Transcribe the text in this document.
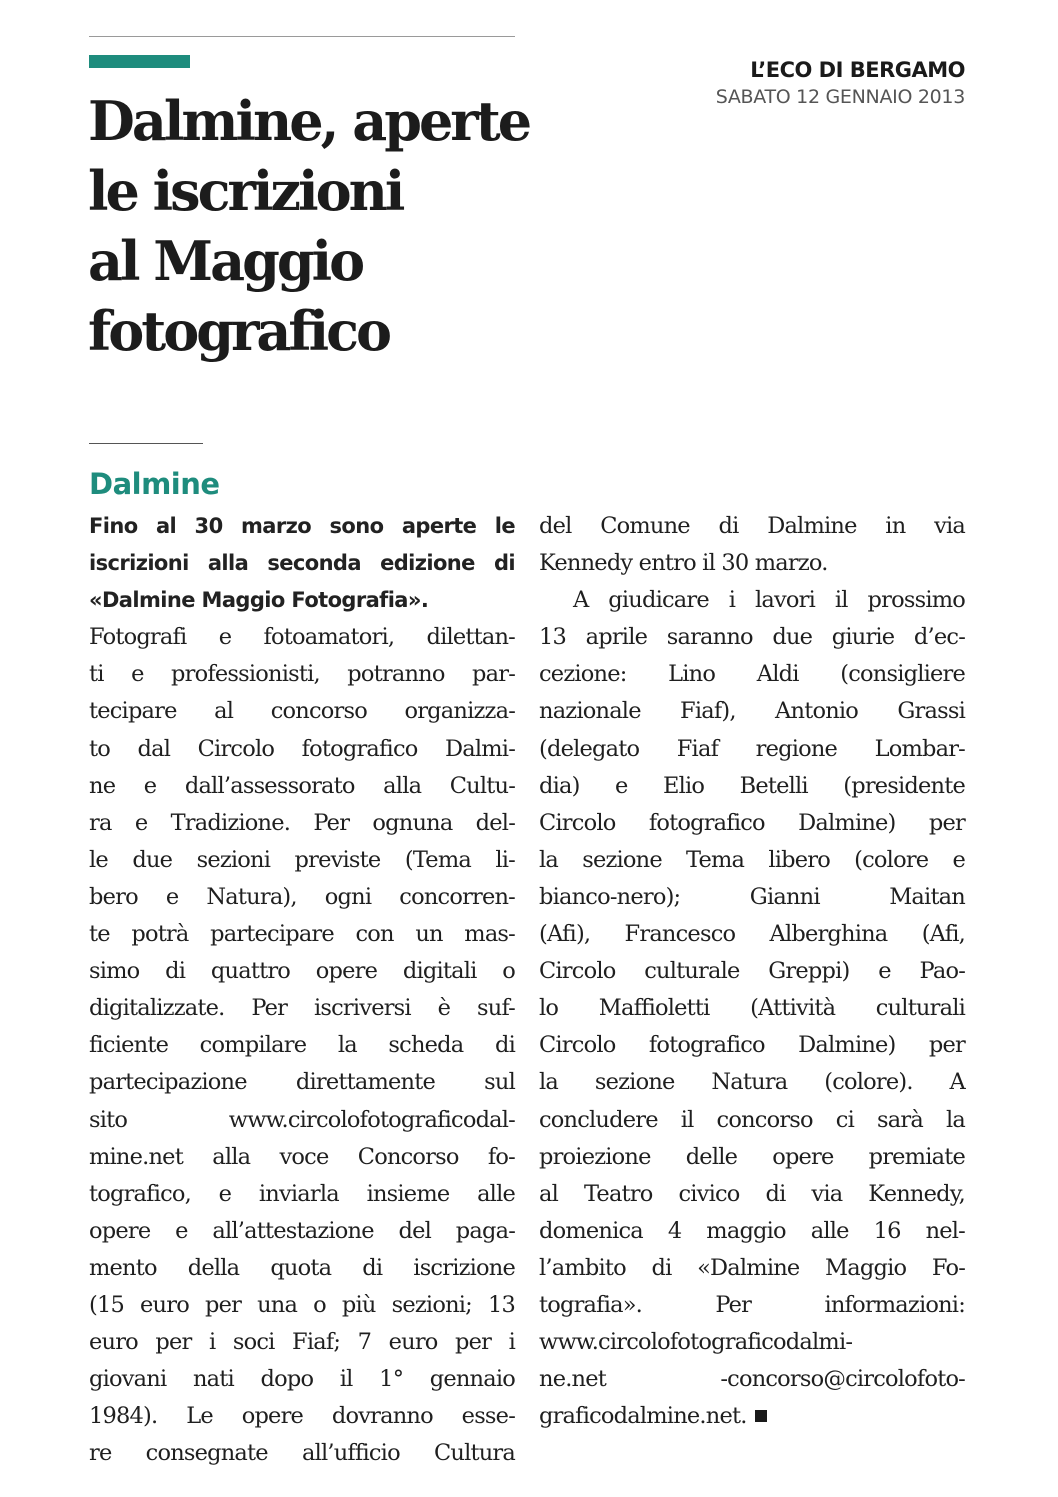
L’ECO DI BERGAMO
SABATO 12 GENNAIO 2013
Dalmine, aperte
le iscrizioni
al Maggio
fotografico
Dalmine
Fino al 30 marzo sono aperte le
iscrizioni alla seconda edizione di
«Dalmine Maggio Fotografia».
Fotografi e fotoamatori, dilettan-
ti e professionisti, potranno par-
tecipare al concorso organizza-
to dal Circolo fotografico Dalmi-
ne e dall’assessorato alla Cultu-
ra e Tradizione. Per ognuna del-
le due sezioni previste (Tema li-
bero e Natura), ogni concorren-
te potrà partecipare con un mas-
simo di quattro opere digitali o
digitalizzate. Per iscriversi è suf-
ficiente compilare la scheda di
partecipazione direttamente sul
sito www.circolofotograficodal-
mine.net alla voce Concorso fo-
tografico, e inviarla insieme alle
opere e all’attestazione del paga-
mento della quota di iscrizione
(15 euro per una o più sezioni; 13
euro per i soci Fiaf; 7 euro per i
giovani nati dopo il 1° gennaio
1984). Le opere dovranno esse-
re consegnate all’ufficio Cultura
del Comune di Dalmine in via
Kennedy entro il 30 marzo.
A giudicare i lavori il prossimo
13 aprile saranno due giurie d’ec-
cezione: Lino Aldi (consigliere
nazionale Fiaf), Antonio Grassi
(delegato Fiaf regione Lombar-
dia) e Elio Betelli (presidente
Circolo fotografico Dalmine) per
la sezione Tema libero (colore e
bianco-nero); Gianni Maitan
(Afi), Francesco Alberghina (Afi,
Circolo culturale Greppi) e Pao-
lo Maffioletti (Attività culturali
Circolo fotografico Dalmine) per
la sezione Natura (colore). A
concludere il concorso ci sarà la
proiezione delle opere premiate
al Teatro civico di via Kennedy,
domenica 4 maggio alle 16 nel-
l’ambito di «Dalmine Maggio Fo-
tografia». Per informazioni:
www.circolofotograficodalmi-
ne.net -concorso@circolofoto-
graficodalmine.net.
